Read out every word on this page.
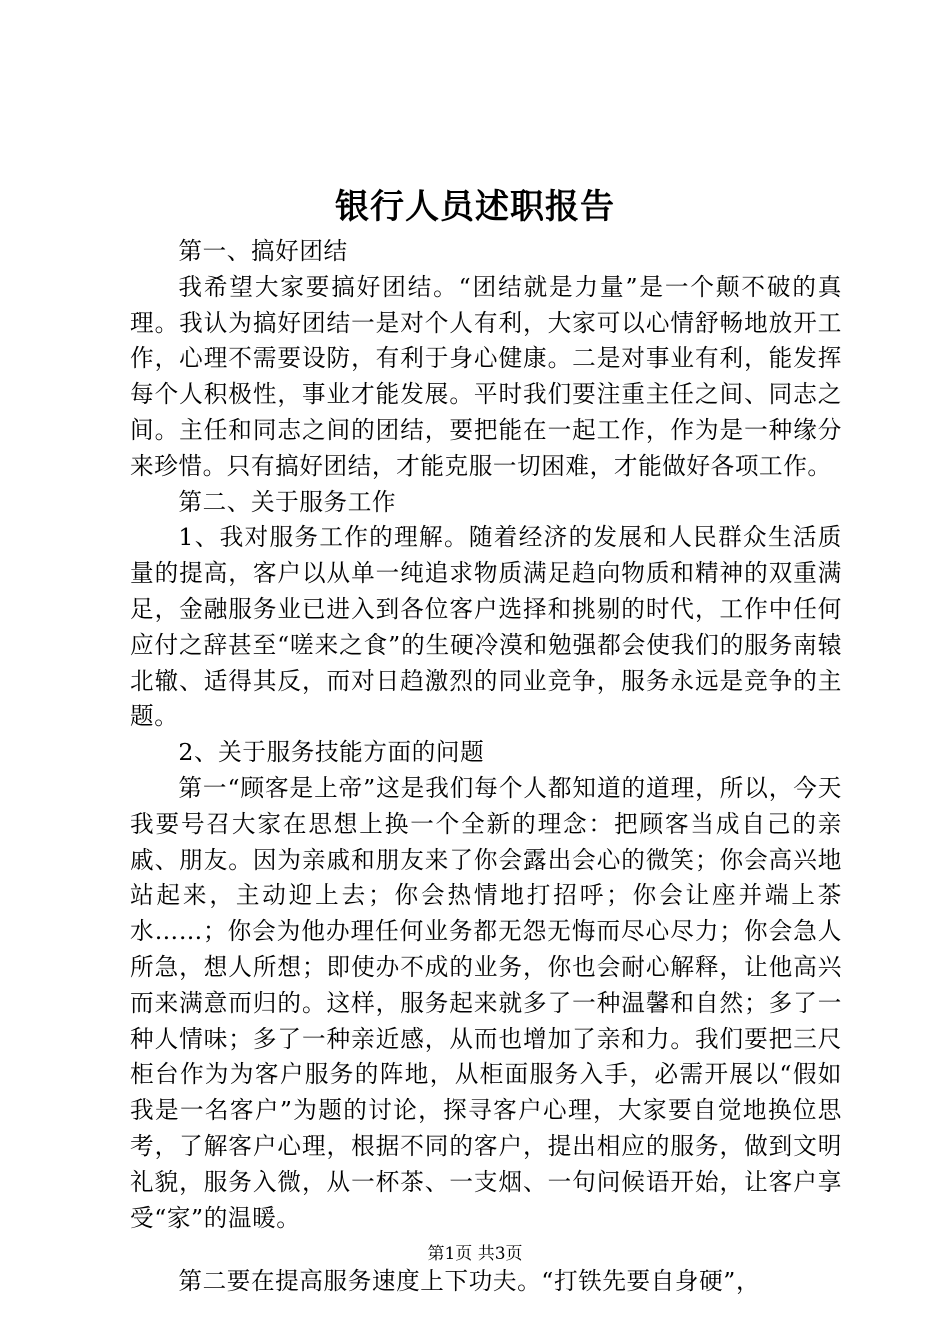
银行人员述职报告

第一、搞好团结

我希望大家要搞好团结。“团结就是力量”是一个颠不破的真理。我认为搞好团结一是对个人有利，大家可以心情舒畅地放开工作，心理不需要设防，有利于身心健康。二是对事业有利，能发挥每个人积极性，事业才能发展。平时我们要注重主任之间、同志之间。主任和同志之间的团结，要把能在一起工作，作为是一种缘分来珍惜。只有搞好团结，才能克服一切困难，才能做好各项工作。

第二、关于服务工作

1、我对服务工作的理解。随着经济的发展和人民群众生活质量的提高，客户以从单一纯追求物质满足趋向物质和精神的双重满足，金融服务业已进入到各位客户选择和挑剔的时代，工作中任何应付之辞甚至“嗟来之食”的生硬冷漠和勉强都会使我们的服务南辕北辙、适得其反，而对日趋激烈的同业竞争，服务永远是竞争的主题。

2、关于服务技能方面的问题

第一“顾客是上帝”这是我们每个人都知道的道理，所以，今天我要号召大家在思想上换一个全新的理念：把顾客当成自己的亲戚、朋友。因为亲戚和朋友来了你会露出会心的微笑；你会高兴地站起来，主动迎上去；你会热情地打招呼；你会让座并端上茶水……；你会为他办理任何业务都无怨无悔而尽心尽力；你会急人所急，想人所想；即使办不成的业务，你也会耐心解释，让他高兴而来满意而归的。这样，服务起来就多了一种温馨和自然；多了一种人情味；多了一种亲近感，从而也增加了亲和力。我们要把三尺柜台作为为客户服务的阵地，从柜面服务入手，必需开展以“假如我是一名客户”为题的讨论，探寻客户心理，大家要自觉地换位思考，了解客户心理，根据不同的客户，提出相应的服务，做到文明礼貌，服务入微，从一杯茶、一支烟、一句问候语开始，让客户享受“家”的温暖。

第二要在提高服务速度上下功夫。“打铁先要自身硬”，

第1页 共3页
